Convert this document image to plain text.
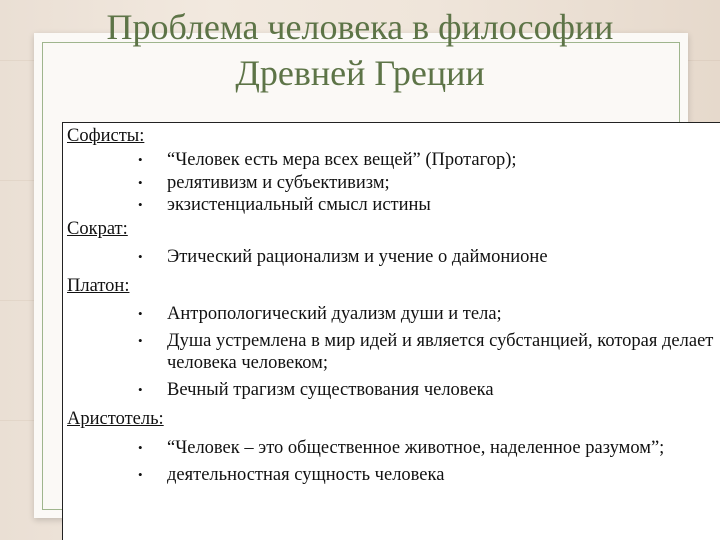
Проблема человека в философии
Древней Греции
Софисты:
• “Человек есть мера всех вещей” (Протагор);
• релятивизм и субъективизм;
• экзистенциальный смысл истины
Сократ:
• Этический рационализм и учение о даймонионе
Платон:
• Антропологический дуализм души и тела;
• Душа устремлена в мир идей и является субстанцией, которая делает человека человеком;
• Вечный трагизм существования человека
Аристотель:
• “Человек – это общественное животное, наделенное разумом”;
• деятельностная сущность человека
